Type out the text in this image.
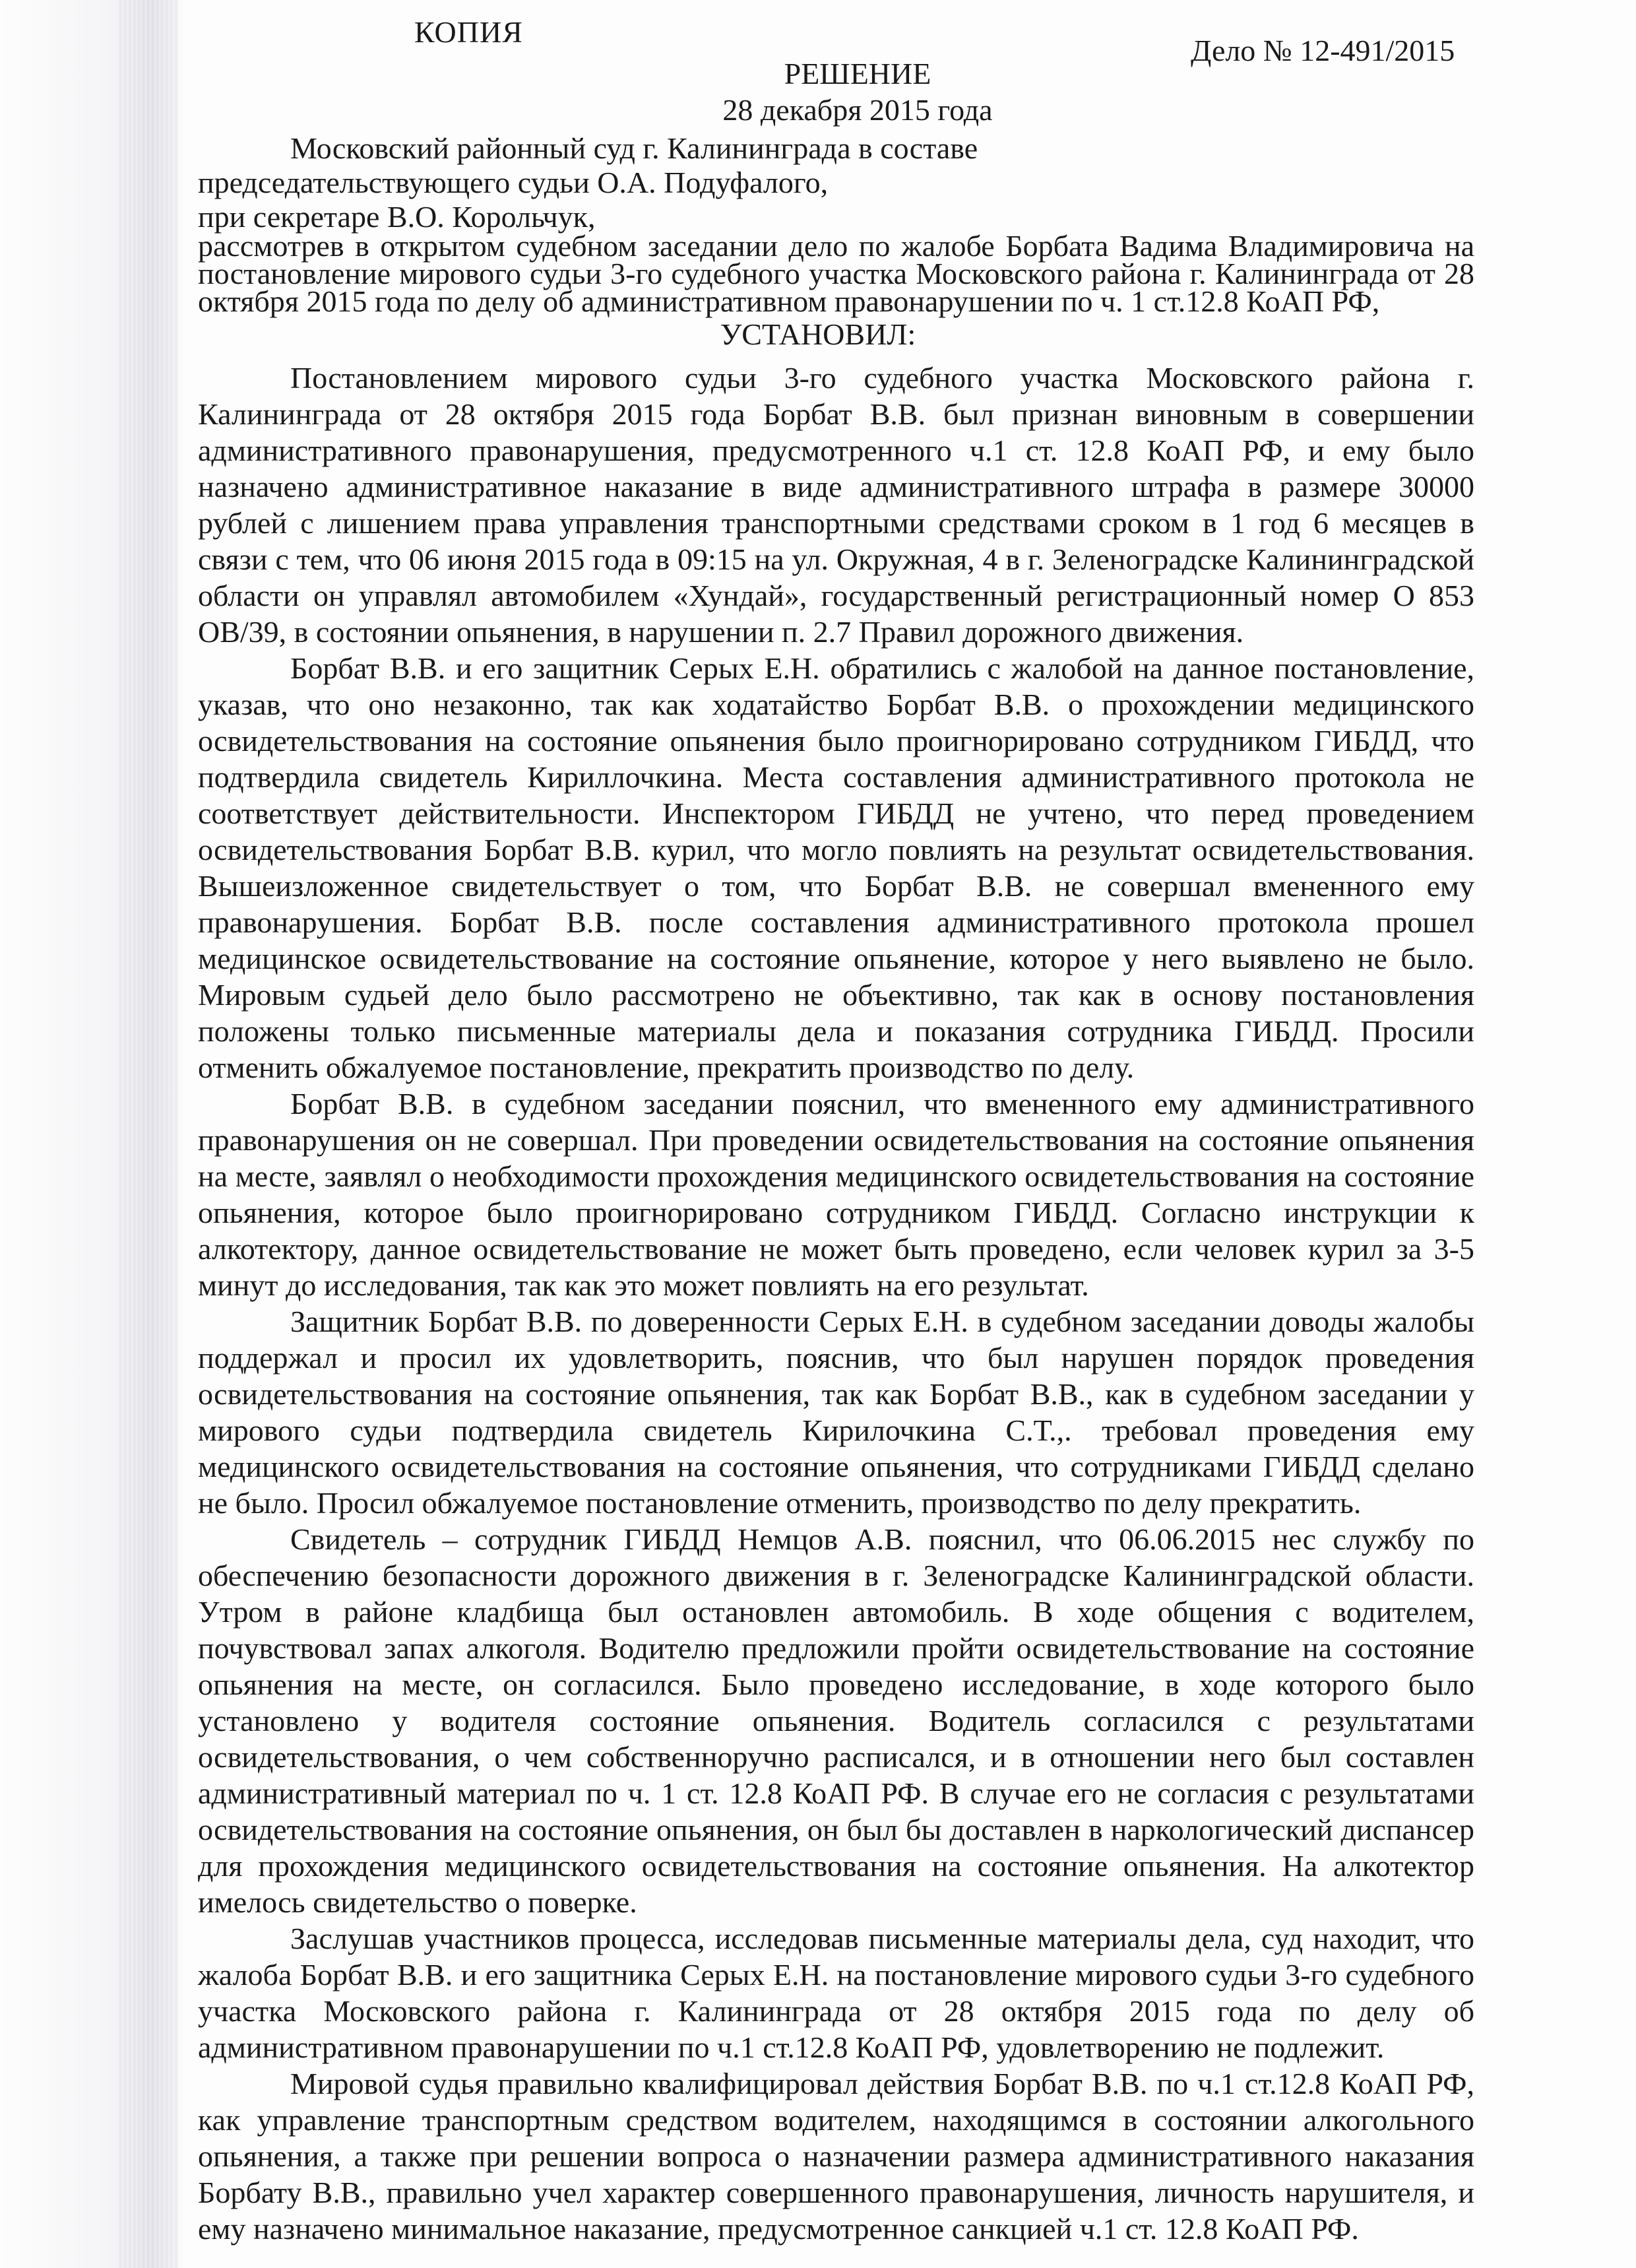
КОПИЯ
Дело № 12-491/2015
РЕШЕНИЕ
28 декабря 2015 года
Московский районный суд г. Калининграда в составе
председательствующего судьи О.А. Подуфалого,
при секретаре В.О. Корольчук,
рассмотрев в открытом судебном заседании дело по жалобе Борбата Вадима Владимировича на постановление мирового судьи 3-го судебного участка Московского района г. Калининграда от 28 октября 2015 года по делу об административном правонарушении по ч. 1 ст.12.8 КоАП РФ,
УСТАНОВИЛ:

Постановлением мирового судьи 3-го судебного участка Московского района г. Калининграда от 28 октября 2015 года Борбат В.В. был признан виновным в совершении административного правонарушения, предусмотренного ч.1 ст. 12.8 КоАП РФ, и ему было назначено административное наказание в виде административного штрафа в размере 30000 рублей с лишением права управления транспортными средствами сроком в 1 год 6 месяцев в связи с тем, что 06 июня 2015 года в 09:15 на ул. Окружная, 4 в г. Зеленоградске Калининградской области он управлял автомобилем «Хундай», государственный регистрационный номер О 853 ОВ/39, в состоянии опьянения, в нарушении п. 2.7 Правил дорожного движения.

Борбат В.В. и его защитник Серых Е.Н. обратились с жалобой на данное постановление, указав, что оно незаконно, так как ходатайство Борбат В.В. о прохождении медицинского освидетельствования на состояние опьянения было проигнорировано сотрудником ГИБДД, что подтвердила свидетель Кириллочкина. Места составления административного протокола не соответствует действительности. Инспектором ГИБДД не учтено, что перед проведением освидетельствования Борбат В.В. курил, что могло повлиять на результат освидетельствования. Вышеизложенное свидетельствует о том, что Борбат В.В. не совершал вмененного ему правонарушения. Борбат В.В. после составления административного протокола прошел медицинское освидетельствование на состояние опьянение, которое у него выявлено не было. Мировым судьей дело было рассмотрено не объективно, так как в основу постановления положены только письменные материалы дела и показания сотрудника ГИБДД. Просили отменить обжалуемое постановление, прекратить производство по делу.

Борбат В.В. в судебном заседании пояснил, что вмененного ему административного правонарушения он не совершал. При проведении освидетельствования на состояние опьянения на месте, заявлял о необходимости прохождения медицинского освидетельствования на состояние опьянения, которое было проигнорировано сотрудником ГИБДД. Согласно инструкции к алкотектору, данное освидетельствование не может быть проведено, если человек курил за 3-5 минут до исследования, так как это может повлиять на его результат.

Защитник Борбат В.В. по доверенности Серых Е.Н. в судебном заседании доводы жалобы поддержал и просил их удовлетворить, пояснив, что был нарушен порядок проведения освидетельствования на состояние опьянения, так как Борбат В.В., как в судебном заседании у мирового судьи подтвердила свидетель Кирилочкина С.Т.,. требовал проведения ему медицинского освидетельствования на состояние опьянения, что сотрудниками ГИБДД сделано не было. Просил обжалуемое постановление отменить, производство по делу прекратить.

Свидетель – сотрудник ГИБДД Немцов А.В. пояснил, что 06.06.2015 нес службу по обеспечению безопасности дорожного движения в г. Зеленоградске Калининградской области. Утром в районе кладбища был остановлен автомобиль. В ходе общения с водителем, почувствовал запах алкоголя. Водителю предложили пройти освидетельствование на состояние опьянения на месте, он согласился. Было проведено исследование, в ходе которого было установлено у водителя состояние опьянения. Водитель согласился с результатами освидетельствования, о чем собственноручно расписался, и в отношении него был составлен административный материал по ч. 1 ст. 12.8 КоАП РФ. В случае его не согласия с результатами освидетельствования на состояние опьянения, он был бы доставлен в наркологический диспансер для прохождения медицинского освидетельствования на состояние опьянения. На алкотектор имелось свидетельство о поверке.

Заслушав участников процесса, исследовав письменные материалы дела, суд находит, что жалоба Борбат В.В. и его защитника Серых Е.Н. на постановление мирового судьи 3-го судебного участка Московского района г. Калининграда от 28 октября 2015 года по делу об административном правонарушении по ч.1 ст.12.8 КоАП РФ, удовлетворению не подлежит.

Мировой судья правильно квалифицировал действия Борбат В.В. по ч.1 ст.12.8 КоАП РФ, как управление транспортным средством водителем, находящимся в состоянии алкогольного опьянения, а также при решении вопроса о назначении размера административного наказания Борбату В.В., правильно учел характер совершенного правонарушения, личность нарушителя, и ему назначено минимальное наказание, предусмотренное санкцией ч.1 ст. 12.8 КоАП РФ.
